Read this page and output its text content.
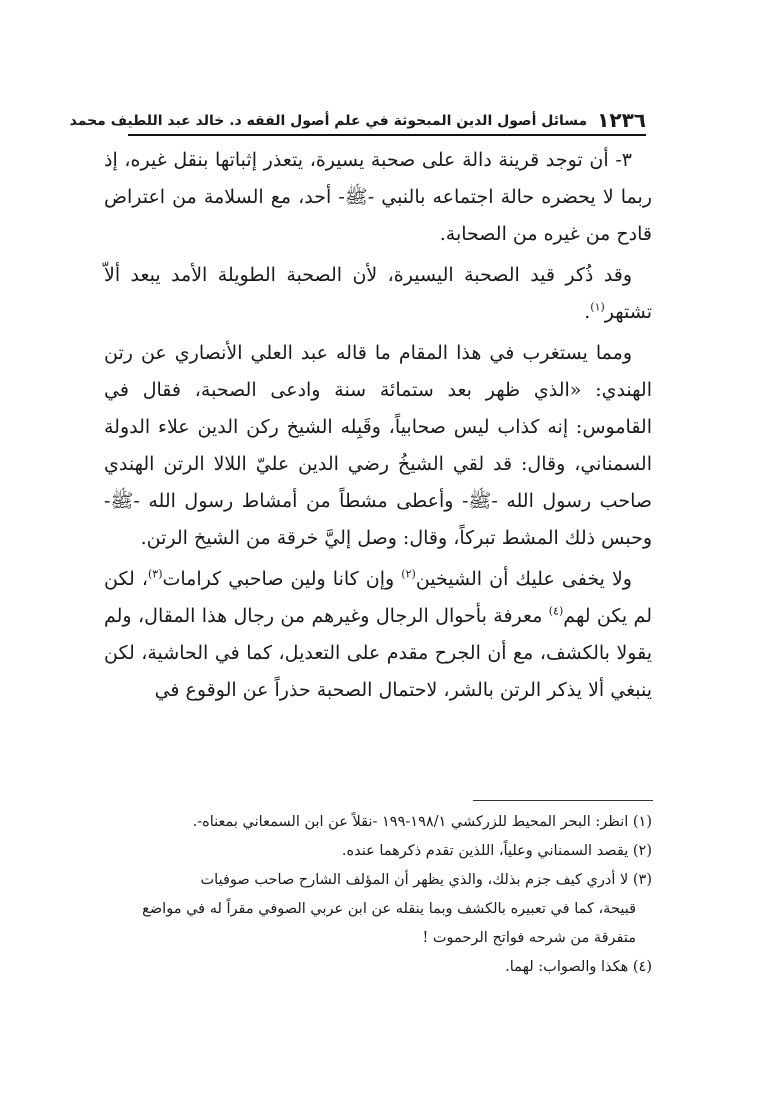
١٢٣٦
مسائل أصول الدين المبحوثة في علم أصول الفقه د. خالد عبد اللطيف محمد

٣- أن توجد قرينة دالة على صحبة يسيرة، يتعذر إثباتها بنقل غيره، إذ ربما لا يحضره حالة اجتماعه بالنبي -ﷺ- أحد، مع السلامة من اعتراض قادح من غيره من الصحابة.

وقد ذُكر قيد الصحبة اليسيرة، لأن الصحبة الطويلة الأمد يبعد ألاّ تشتهر$^{(١)}$.

ومما يستغرب في هذا المقام ما قاله عبد العلي الأنصاري عن رتن الهندي: «الذي ظهر بعد ستمائة سنة وادعى الصحبة، فقال في القاموس: إنه كذاب ليس صحابياً، وقَبِله الشيخ ركن الدين علاء الدولة السمناني، وقال: قد لقي الشيخُ رضي الدين عليّ اللالا الرتن الهندي صاحب رسول الله -ﷺ- وأعطى مشطاً من أمشاط رسول الله -ﷺ- وحبس ذلك المشط تبركاً، وقال: وصل إليَّ خرقة من الشيخ الرتن.

ولا يخفى عليك أن الشيخين$^{(٢)}$ وإن كانا ولين صاحبي كرامات$^{(٣)}$، لكن لم يكن لهم$^{(٤)}$ معرفة بأحوال الرجال وغيرهم من رجال هذا المقال، ولم يقولا بالكشف، مع أن الجرح مقدم على التعديل، كما في الحاشية، لكن ينبغي ألا يذكر الرتن بالشر، لاحتمال الصحبة حذراً عن الوقوع في

(١) انظر: البحر المحيط للزركشي ١٩٨/١-١٩٩ -نقلاً عن ابن السمعاني بمعناه-.

(٢) يقصد السمناني وعلياً، اللذين تقدم ذكرهما عنده.

(٣) لا أدري كيف جزم بذلك، والذي يظهر أن المؤلف الشارح صاحب صوفيات

قبيحة، كما في تعبيره بالكشف وبما ينقله عن ابن عربي الصوفي مقراً له في مواضع

متفرقة من شرحه فواتح الرحموت !

(٤) هكذا والصواب: لهما.
